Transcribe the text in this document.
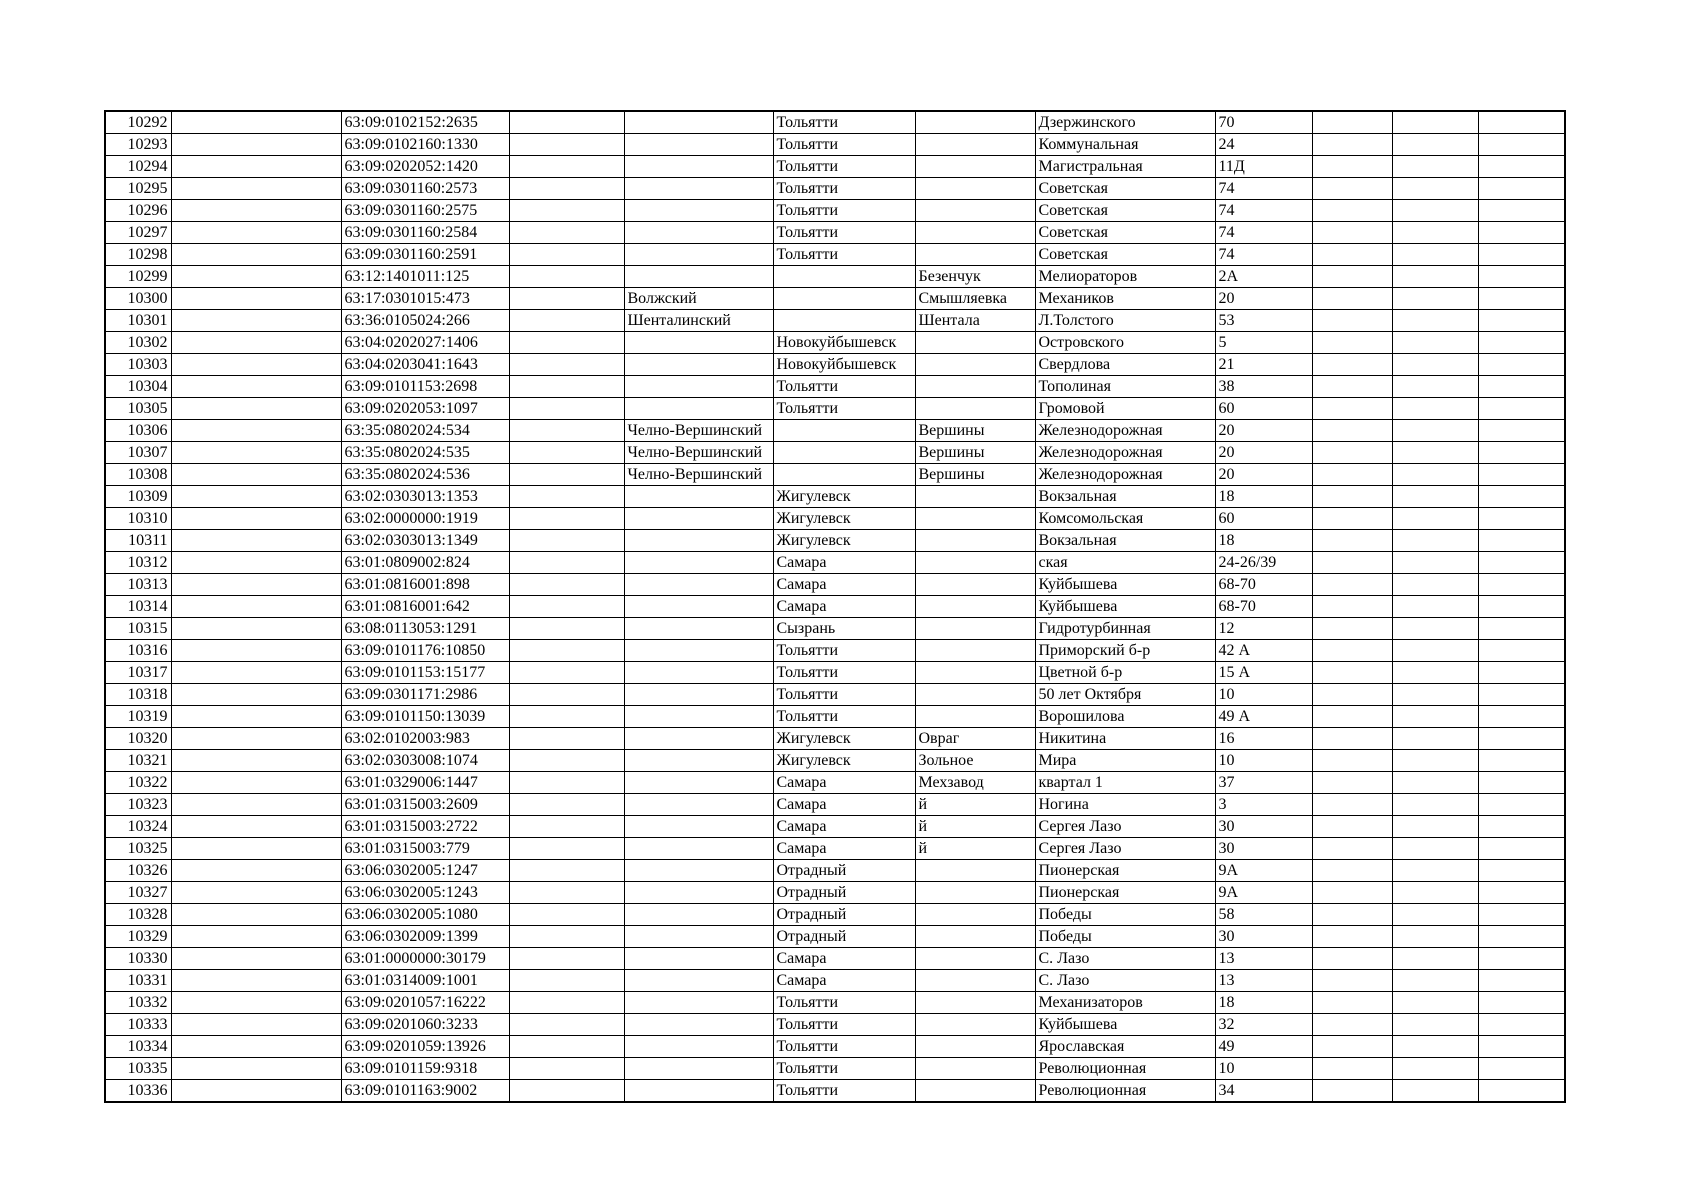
10292		63:09:0102152:2635			Тольятти		Дзержинского	70			
10293		63:09:0102160:1330			Тольятти		Коммунальная	24			
10294		63:09:0202052:1420			Тольятти		Магистральная	11Д			
10295		63:09:0301160:2573			Тольятти		Советская	74			
10296		63:09:0301160:2575			Тольятти		Советская	74			
10297		63:09:0301160:2584			Тольятти		Советская	74			
10298		63:09:0301160:2591			Тольятти		Советская	74			
10299		63:12:1401011:125				Безенчук	Мелиораторов	2А			
10300		63:17:0301015:473		Волжский		Смышляевка	Механиков	20			
10301		63:36:0105024:266		Шенталинский		Шентала	Л.Толстого	53			
10302		63:04:0202027:1406			Новокуйбышевск		Островского	5			
10303		63:04:0203041:1643			Новокуйбышевск		Свердлова	21			
10304		63:09:0101153:2698			Тольятти		Тополиная	38			
10305		63:09:0202053:1097			Тольятти		Громовой	60			
10306		63:35:0802024:534		Челно-Вершинский		Вершины	Железнодорожная	20			
10307		63:35:0802024:535		Челно-Вершинский		Вершины	Железнодорожная	20			
10308		63:35:0802024:536		Челно-Вершинский		Вершины	Железнодорожная	20			
10309		63:02:0303013:1353			Жигулевск		Вокзальная	18			
10310		63:02:0000000:1919			Жигулевск		Комсомольская	60			
10311		63:02:0303013:1349			Жигулевск		Вокзальная	18			
10312		63:01:0809002:824			Самара		ская	24-26/39			
10313		63:01:0816001:898			Самара		Куйбышева	68-70			
10314		63:01:0816001:642			Самара		Куйбышева	68-70			
10315		63:08:0113053:1291			Сызрань		Гидротурбинная	12			
10316		63:09:0101176:10850			Тольятти		Приморский б-р	42 А			
10317		63:09:0101153:15177			Тольятти		Цветной б-р	15 А			
10318		63:09:0301171:2986			Тольятти		50 лет Октября	10			
10319		63:09:0101150:13039			Тольятти		Ворошилова	49 А			
10320		63:02:0102003:983			Жигулевск	Овраг	Никитина	16			
10321		63:02:0303008:1074			Жигулевск	Зольное	Мира	10			
10322		63:01:0329006:1447			Самара	Мехзавод	квартал 1	37			
10323		63:01:0315003:2609			Самара	й	Ногина	3			
10324		63:01:0315003:2722			Самара	й	Сергея Лазо	30			
10325		63:01:0315003:779			Самара	й	Сергея Лазо	30			
10326		63:06:0302005:1247			Отрадный		Пионерская	9А			
10327		63:06:0302005:1243			Отрадный		Пионерская	9А			
10328		63:06:0302005:1080			Отрадный		Победы	58			
10329		63:06:0302009:1399			Отрадный		Победы	30			
10330		63:01:0000000:30179			Самара		С. Лазо	13			
10331		63:01:0314009:1001			Самара		С. Лазо	13			
10332		63:09:0201057:16222			Тольятти		Механизаторов	18			
10333		63:09:0201060:3233			Тольятти		Куйбышева	32			
10334		63:09:0201059:13926			Тольятти		Ярославская	49			
10335		63:09:0101159:9318			Тольятти		Революционная	10			
10336		63:09:0101163:9002			Тольятти		Революционная	34			
